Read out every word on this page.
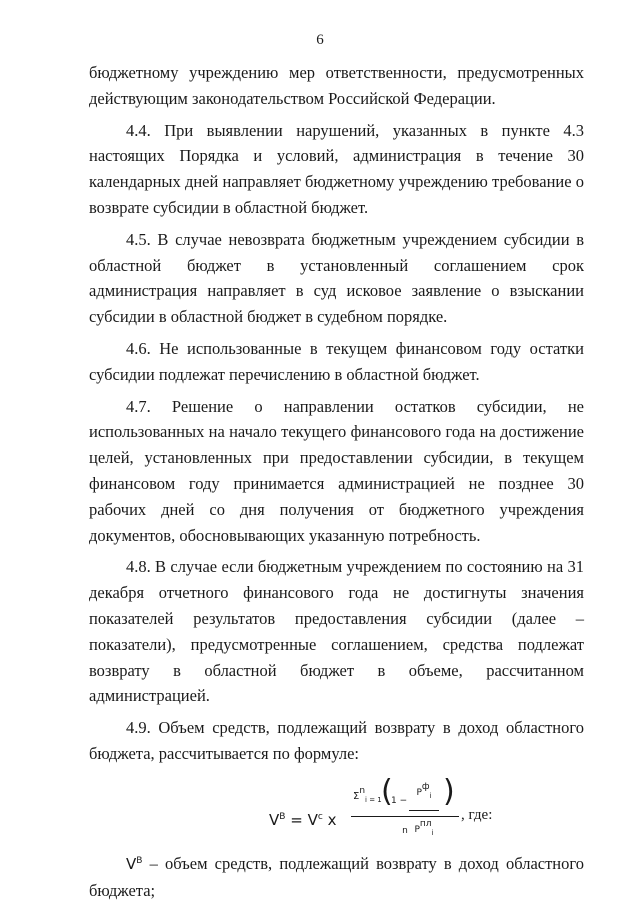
6

бюджетному учреждению мер ответственности, предусмотренных действующим законодательством Российской Федерации.

4.4. При выявлении нарушений, указанных в пункте 4.3 настоящих Порядка и условий, администрация в течение 30 календарных дней направляет бюджетному учреждению требование о возврате субсидии в областной бюджет.

4.5. В случае невозврата бюджетным учреждением субсидии в областной бюджет в установленный соглашением срок администрация направляет в суд исковое заявление о взыскании субсидии в областной бюджет в судебном порядке.

4.6. Не использованные в текущем финансовом году остатки субсидии подлежат перечислению в областной бюджет.

4.7. Решение о направлении остатков субсидии, не использованных на начало текущего финансового года на достижение целей, установленных при предоставлении субсидии, в текущем финансовом году принимается администрацией не позднее 30 рабочих дней со дня получения от бюджетного учреждения документов, обосновывающих указанную потребность.

4.8. В случае если бюджетным учреждением по состоянию на 31 декабря отчетного финансового года не достигнуты значения показателей результатов предоставления субсидии (далее – показатели), предусмотренные соглашением, средства подлежат возврату в областной бюджет в объеме, рассчитанном администрацией.

4.9. Объем средств, подлежащий возврату в доход областного бюджета, рассчитывается по формуле:

$V^B = V^c$ x
$\Sigma^n_{i = 1}$ (
1 −
$P^ф_i$
$P^{пл}_i$
)
n
, где:

$V^B$ – объем средств, подлежащий возврату в доход областного бюджета;
